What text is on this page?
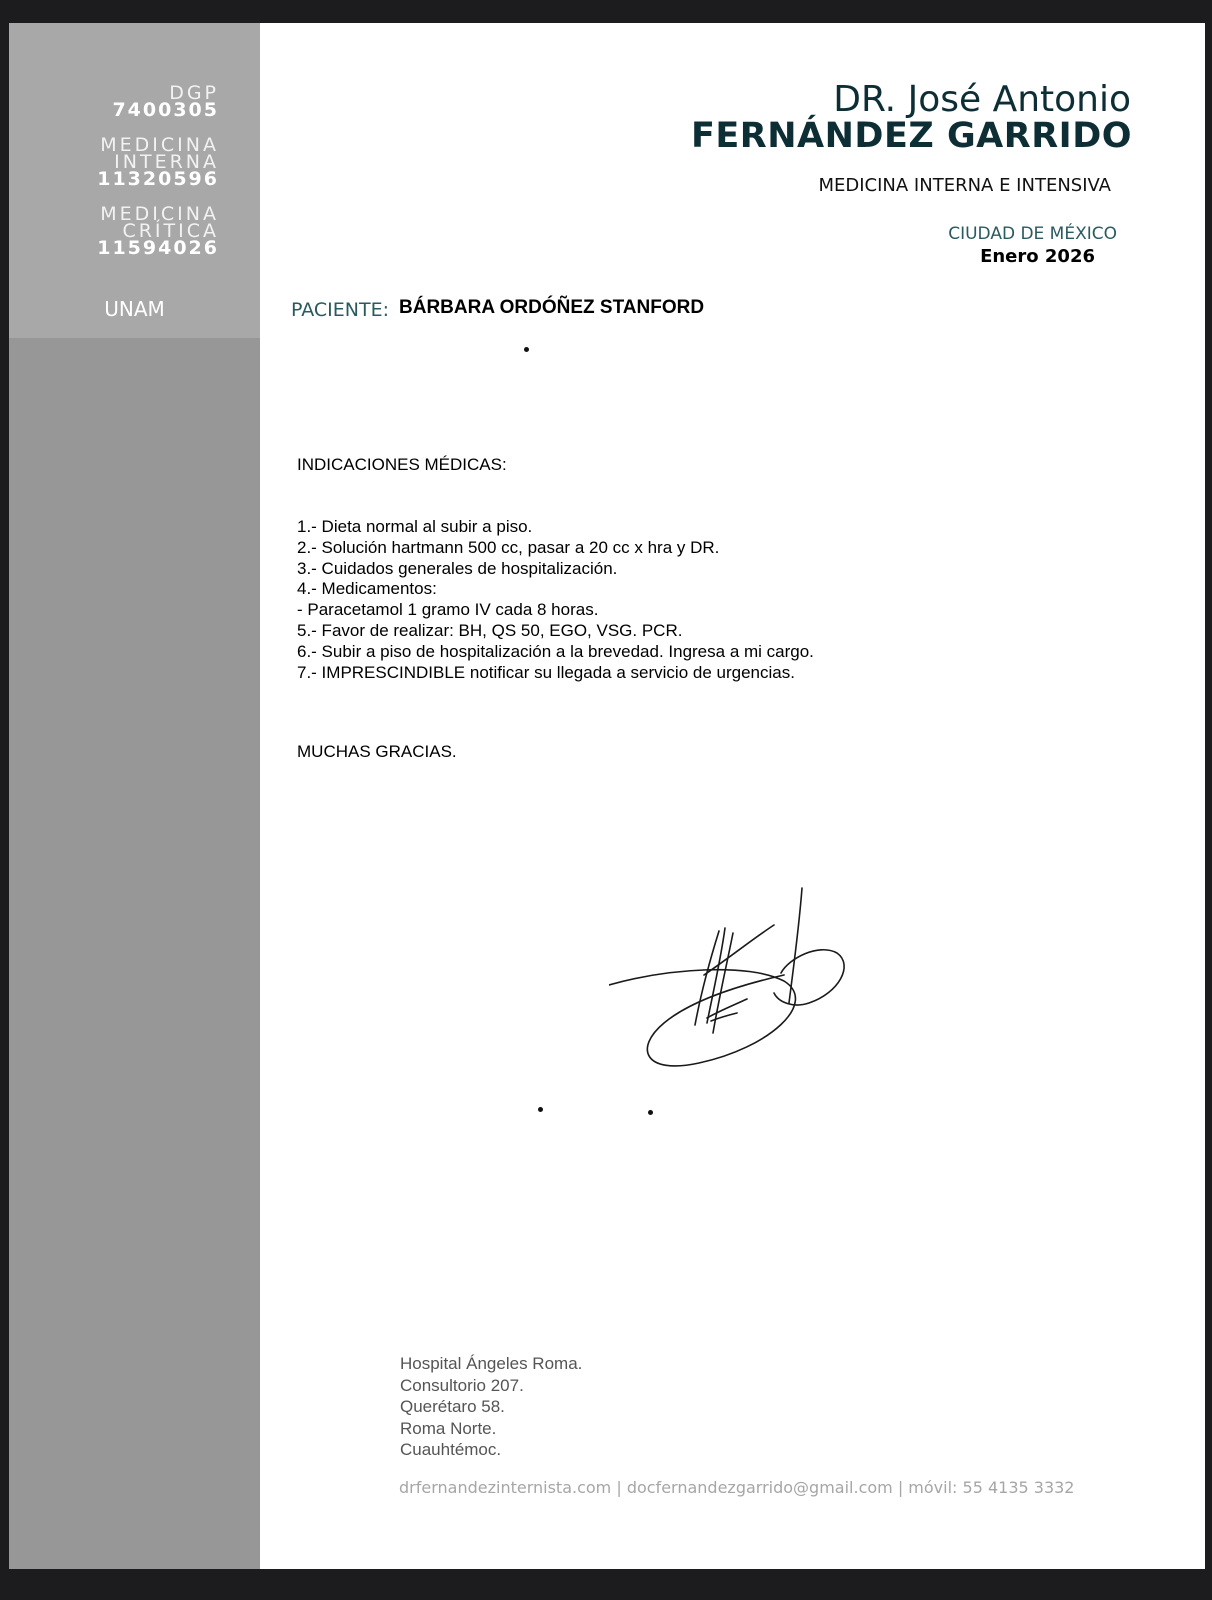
DGP
7400305
MEDICINA
INTERNA
11320596
MEDICINA
CRÍTICA
11594026
UNAM
DR. José Antonio
FERNÁNDEZ GARRIDO
MEDICINA INTERNA E INTENSIVA
CIUDAD DE MÉXICO
Enero 2026
PACIENTE: BÁRBARA ORDÓÑEZ STANFORD
INDICACIONES MÉDICAS:
1.- Dieta normal al subir a piso.
2.- Solución hartmann 500 cc, pasar a 20 cc x hra y DR.
3.- Cuidados generales de hospitalización.
4.- Medicamentos:
- Paracetamol 1 gramo IV cada 8 horas.
5.- Favor de realizar: BH, QS 50, EGO, VSG. PCR.
6.- Subir a piso de hospitalización a la brevedad. Ingresa a mi cargo.
7.- IMPRESCINDIBLE notificar su llegada a servicio de urgencias.
MUCHAS GRACIAS.
Hospital Ángeles Roma.
Consultorio 207.
Querétaro 58.
Roma Norte.
Cuauhtémoc.
drfernandezinternista.com | docfernandezgarrido@gmail.com | móvil: 55 4135 3332
